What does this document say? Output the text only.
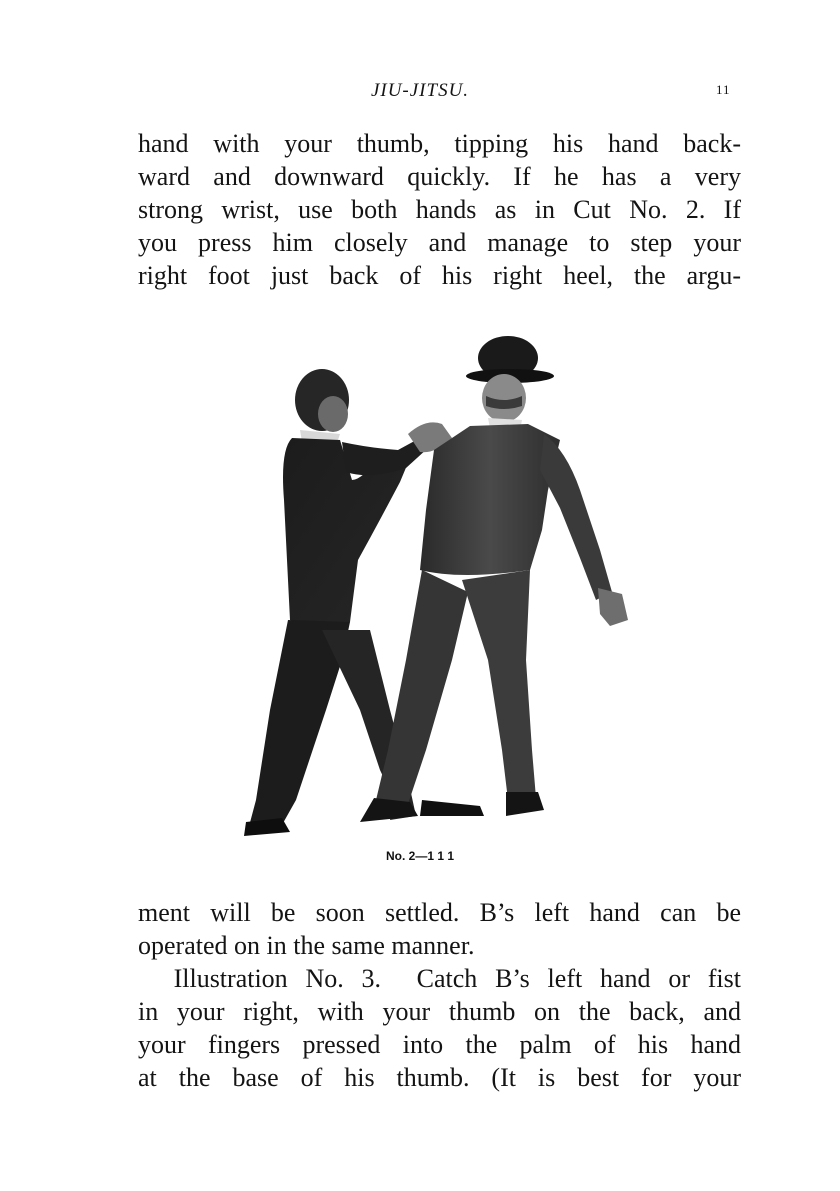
JIU-JITSU.	11

hand with your thumb, tipping his hand back-
ward and downward quickly. If he has a very
strong wrist, use both hands as in Cut No. 2. If
you press him closely and manage to step your
right foot just back of his right heel, the argu-

No. 2—1 1 1

ment will be soon settled. B’s left hand can be
operated on in the same manner.

Illustration No. 3.  Catch B’s left hand or fist
in your right, with your thumb on the back, and
your fingers pressed into the palm of his hand
at the base of his thumb. (It is best for your
